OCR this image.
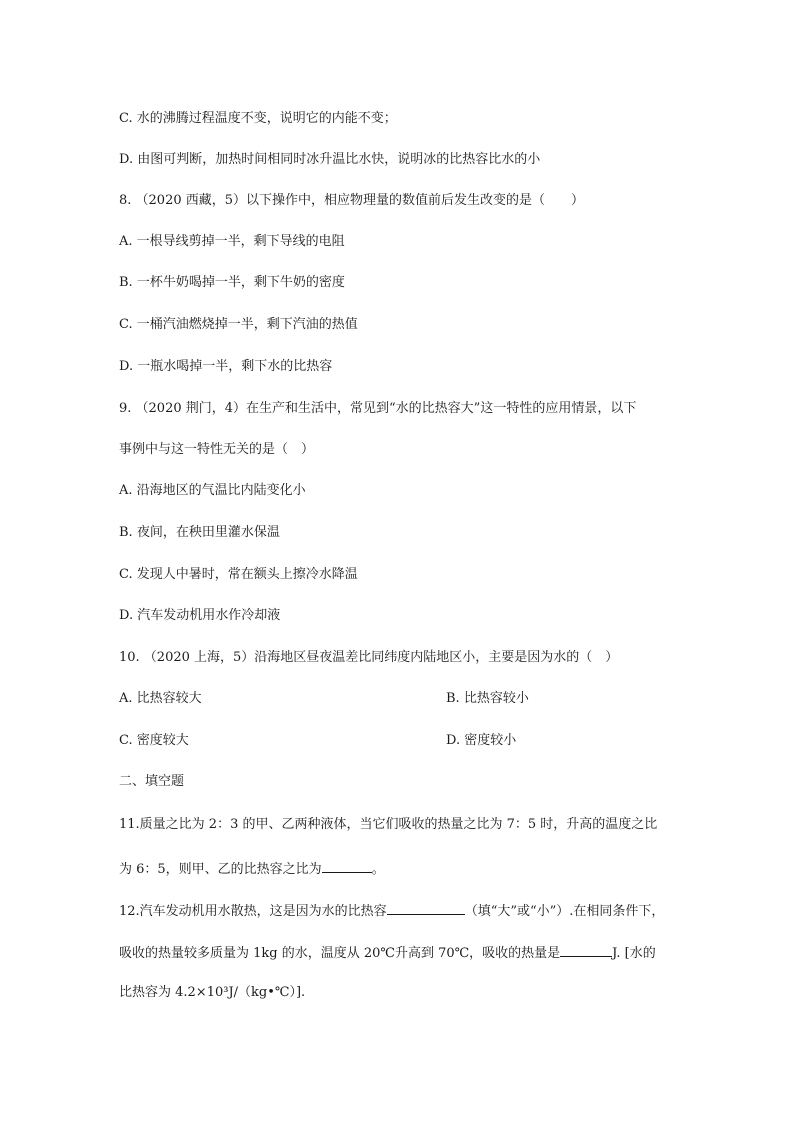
C. 水的沸腾过程温度不变，说明它的内能不变；
D. 由图可判断，加热时间相同时冰升温比水快，说明冰的比热容比水的小
8. （2020 西藏，5）以下操作中，相应物理量的数值前后发生改变的是（　　）
A. 一根导线剪掉一半，剩下导线的电阻
B. 一杯牛奶喝掉一半，剩下牛奶的密度
C. 一桶汽油燃烧掉一半，剩下汽油的热值
D. 一瓶水喝掉一半，剩下水的比热容
9. （2020 荆门，4）在生产和生活中，常见到“水的比热容大”这一特性的应用情景，以下
事例中与这一特性无关的是（　）
A. 沿海地区的气温比内陆变化小
B. 夜间，在秧田里灌水保温
C. 发现人中暑时，常在额头上擦冷水降温
D. 汽车发动机用水作冷却液
10. （2020 上海，5）沿海地区昼夜温差比同纬度内陆地区小，主要是因为水的（　）
A. 比热容较大	B. 比热容较小
C. 密度较大	D. 密度较小
二、填空题
11.质量之比为 2：3 的甲、乙两种液体，当它们吸收的热量之比为 7：5 时，升高的温度之比
为 6：5，则甲、乙的比热容之比为	。
12.汽车发动机用水散热，这是因为水的比热容	（填“大”或“小”）.在相同条件下，
吸收的热量较多质量为 1kg 的水，温度从 20℃升高到 70℃，吸收的热量是	J. [水的
比热容为 4.2×10³J/（kg•℃）].
